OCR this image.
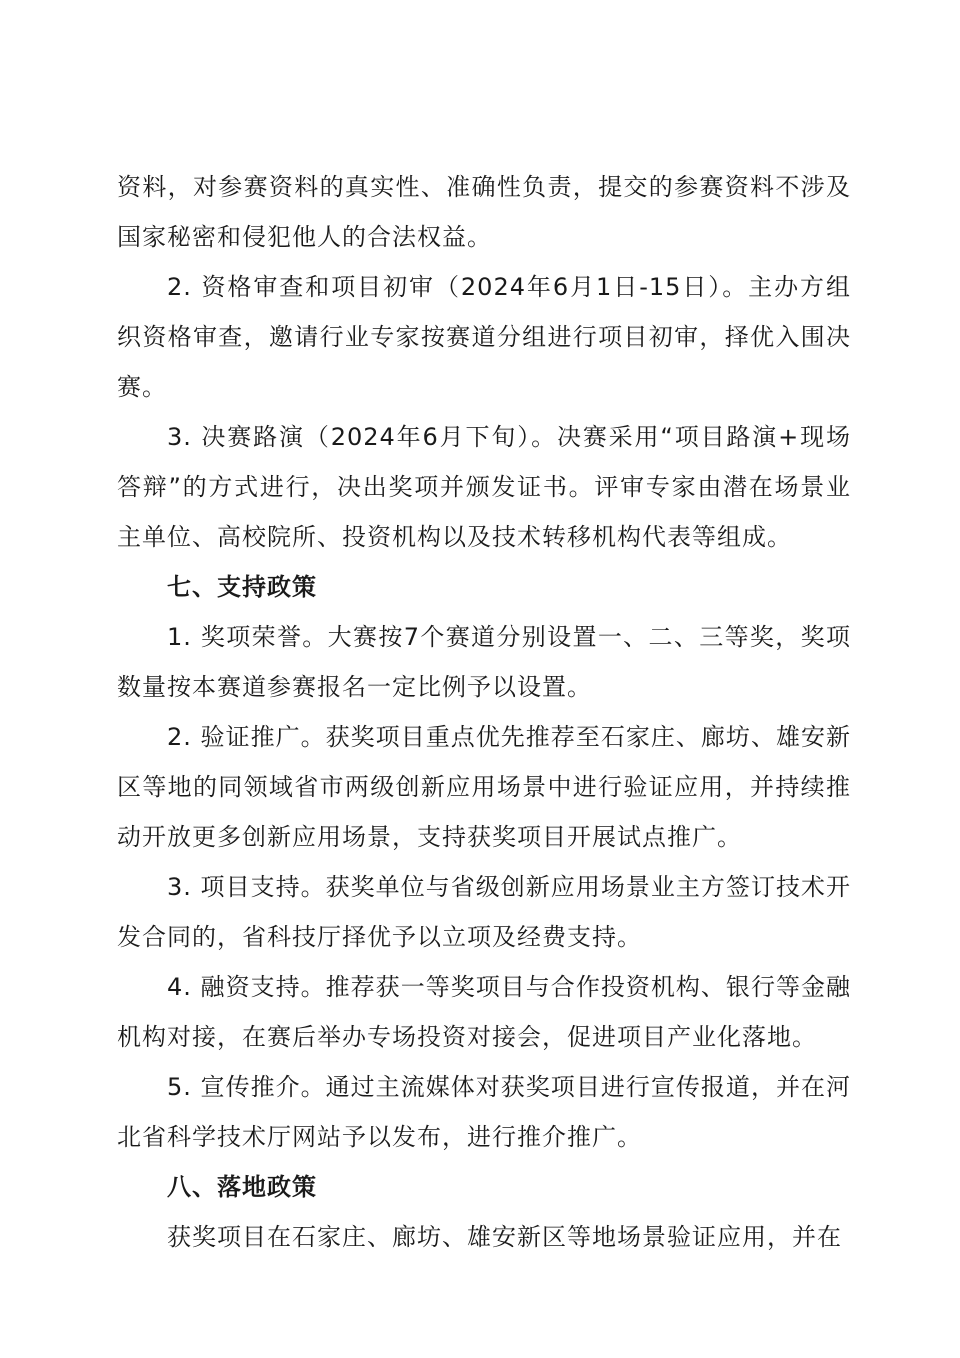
资料，对参赛资料的真实性、准确性负责，提交的参赛资料不涉及国家秘密和侵犯他人的合法权益。

2. 资格审查和项目初审（2024年6月1日-15日）。主办方组织资格审查，邀请行业专家按赛道分组进行项目初审，择优入围决赛。

3. 决赛路演（2024年6月下旬）。决赛采用“项目路演+现场答辩”的方式进行，决出奖项并颁发证书。评审专家由潜在场景业主单位、高校院所、投资机构以及技术转移机构代表等组成。

七、支持政策

1. 奖项荣誉。大赛按7个赛道分别设置一、二、三等奖，奖项数量按本赛道参赛报名一定比例予以设置。

2. 验证推广。获奖项目重点优先推荐至石家庄、廊坊、雄安新区等地的同领域省市两级创新应用场景中进行验证应用，并持续推动开放更多创新应用场景，支持获奖项目开展试点推广。

3. 项目支持。获奖单位与省级创新应用场景业主方签订技术开发合同的，省科技厅择优予以立项及经费支持。

4. 融资支持。推荐获一等奖项目与合作投资机构、银行等金融机构对接，在赛后举办专场投资对接会，促进项目产业化落地。

5. 宣传推介。通过主流媒体对获奖项目进行宣传报道，并在河北省科学技术厅网站予以发布，进行推介推广。

八、落地政策

获奖项目在石家庄、廊坊、雄安新区等地场景验证应用，并在
